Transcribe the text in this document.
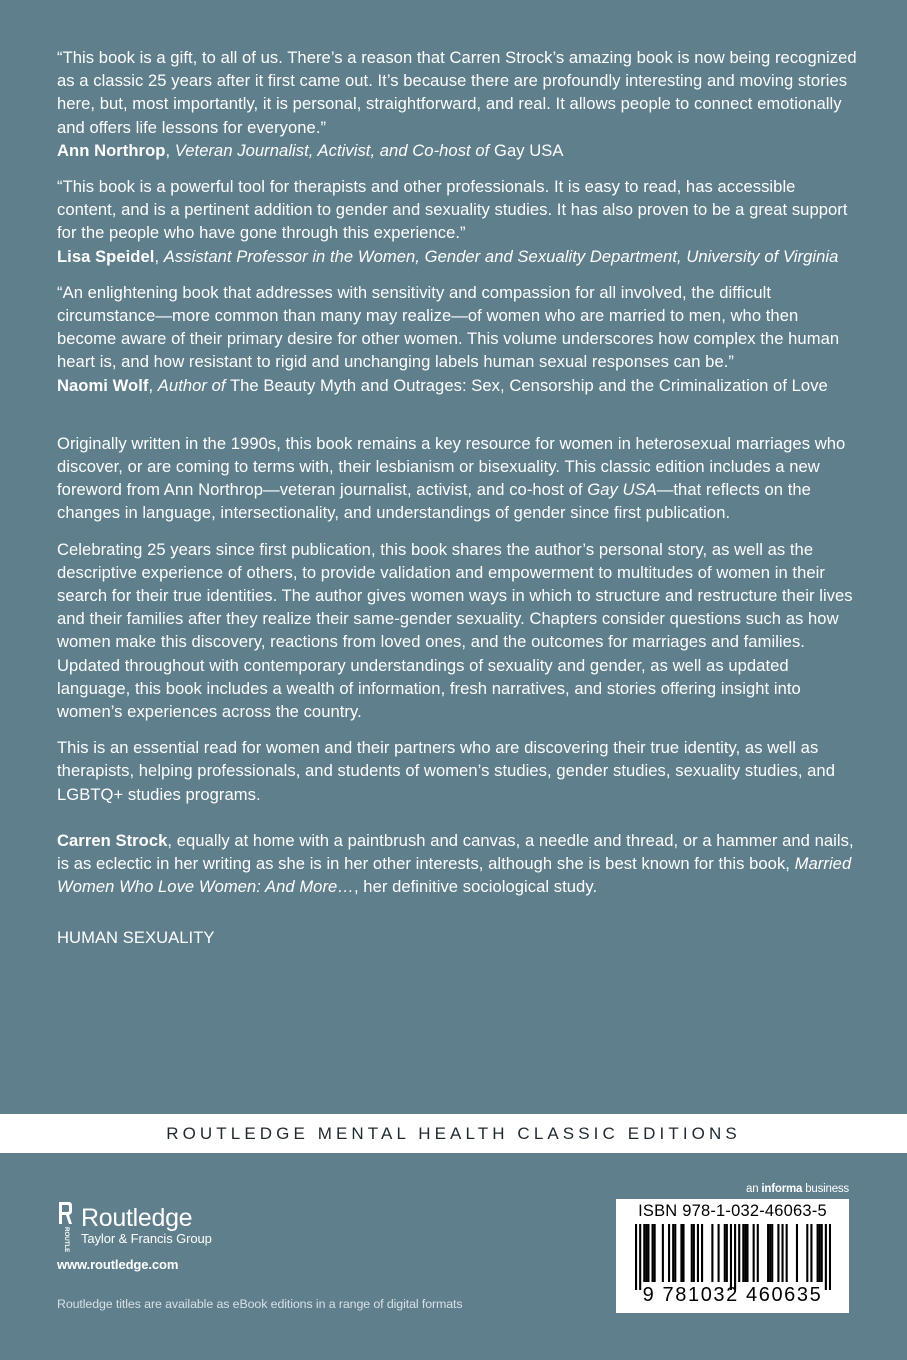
“This book is a gift, to all of us. There’s a reason that Carren Strock’s amazing book is now being recognized as a classic 25 years after it first came out. It’s because there are profoundly interesting and moving stories here, but, most importantly, it is personal, straightforward, and real. It allows people to connect emotionally and offers life lessons for everyone.”
Ann Northrop, Veteran Journalist, Activist, and Co-host of Gay USA
“This book is a powerful tool for therapists and other professionals. It is easy to read, has accessible content, and is a pertinent addition to gender and sexuality studies. It has also proven to be a great support for the people who have gone through this experience.”
Lisa Speidel, Assistant Professor in the Women, Gender and Sexuality Department, University of Virginia
“An enlightening book that addresses with sensitivity and compassion for all involved, the difficult circumstance—more common than many may realize—of women who are married to men, who then become aware of their primary desire for other women. This volume underscores how complex the human heart is, and how resistant to rigid and unchanging labels human sexual responses can be.”
Naomi Wolf, Author of The Beauty Myth and Outrages: Sex, Censorship and the Criminalization of Love
Originally written in the 1990s, this book remains a key resource for women in heterosexual marriages who discover, or are coming to terms with, their lesbianism or bisexuality. This classic edition includes a new foreword from Ann Northrop—veteran journalist, activist, and co-host of Gay USA—that reflects on the changes in language, intersectionality, and understandings of gender since first publication.
Celebrating 25 years since first publication, this book shares the author’s personal story, as well as the descriptive experience of others, to provide validation and empowerment to multitudes of women in their search for their true identities. The author gives women ways in which to structure and restructure their lives and their families after they realize their same-gender sexuality. Chapters consider questions such as how women make this discovery, reactions from loved ones, and the outcomes for marriages and families. Updated throughout with contemporary understandings of sexuality and gender, as well as updated language, this book includes a wealth of information, fresh narratives, and stories offering insight into women’s experiences across the country.
This is an essential read for women and their partners who are discovering their true identity, as well as therapists, helping professionals, and students of women’s studies, gender studies, sexuality studies, and LGBTQ+ studies programs.
Carren Strock, equally at home with a paintbrush and canvas, a needle and thread, or a hammer and nails, is as eclectic in her writing as she is in her other interests, although she is best known for this book, Married Women Who Love Women: And More…, her definitive sociological study.
HUMAN SEXUALITY
ROUTLEDGE MENTAL HEALTH CLASSIC EDITIONS
ROUTLEDGE
Routledge
Taylor & Francis Group
www.routledge.com
Routledge titles are available as eBook editions in a range of digital formats
an informa business
ISBN 978-1-032-46063-5
9 781032 460635
